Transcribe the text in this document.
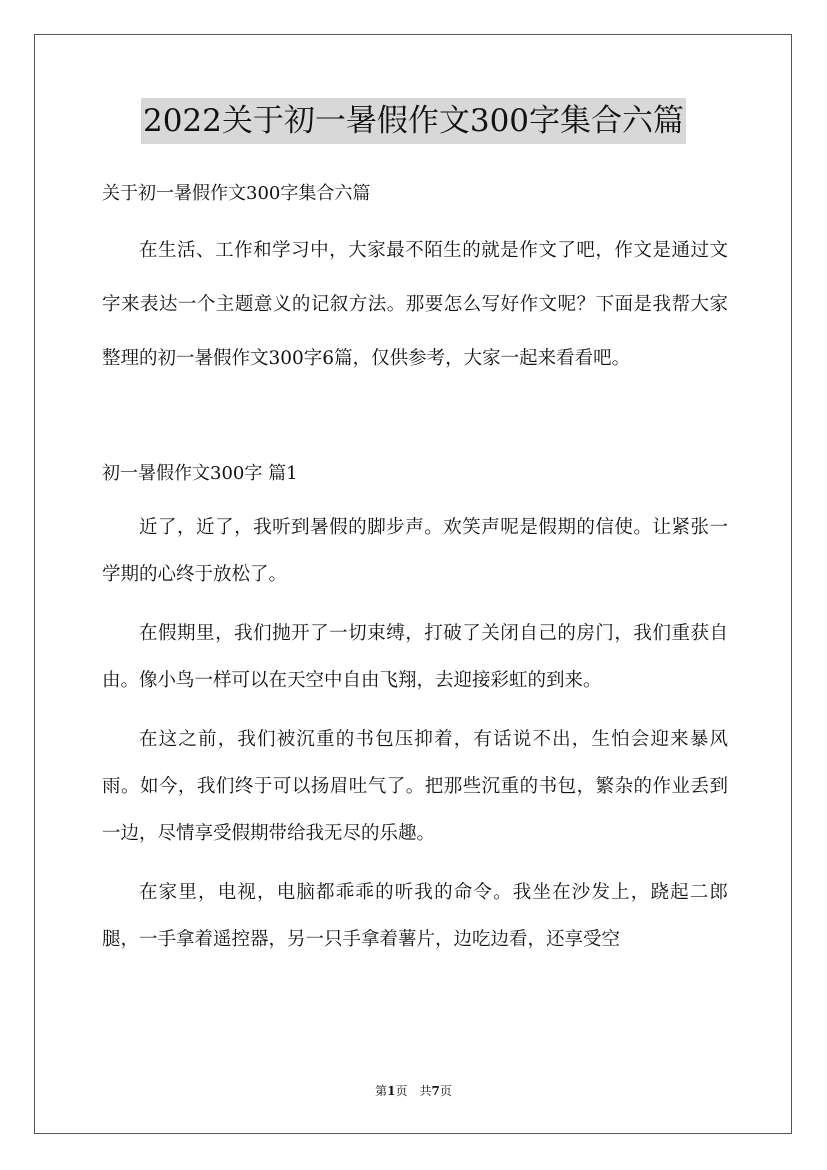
2022关于初一暑假作文300字集合六篇

关于初一暑假作文300字集合六篇

在生活、工作和学习中，大家最不陌生的就是作文了吧，作文是通过文字来表达一个主题意义的记叙方法。那要怎么写好作文呢？下面是我帮大家整理的初一暑假作文300字6篇，仅供参考，大家一起来看看吧。

初一暑假作文300字 篇1

近了，近了，我听到暑假的脚步声。欢笑声呢是假期的信使。让紧张一学期的心终于放松了。

在假期里，我们抛开了一切束缚，打破了关闭自己的房门，我们重获自由。像小鸟一样可以在天空中自由飞翔，去迎接彩虹的到来。

在这之前，我们被沉重的书包压抑着，有话说不出，生怕会迎来暴风雨。如今，我们终于可以扬眉吐气了。把那些沉重的书包，繁杂的作业丢到一边，尽情享受假期带给我无尽的乐趣。

在家里，电视，电脑都乖乖的听我的命令。我坐在沙发上，跷起二郎腿，一手拿着遥控器，另一只手拿着薯片，边吃边看，还享受空

第1页　共7页
